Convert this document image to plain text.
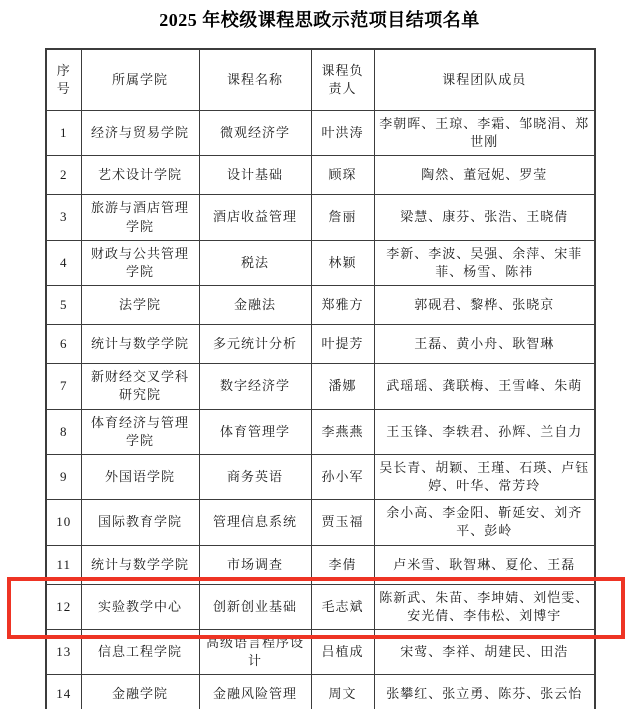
2025 年校级课程思政示范项目结项名单
序号	所属学院	课程名称	课程负责人	课程团队成员
1	经济与贸易学院	微观经济学	叶洪涛	李朝晖、王琼、李霜、邹晓涓、郑世刚
2	艺术设计学院	设计基础	顾琛	陶然、董冠妮、罗莹
3	旅游与酒店管理学院	酒店收益管理	詹丽	梁慧、康芬、张浩、王晓倩
4	财政与公共管理学院	税法	林颖	李新、李波、吴强、余萍、宋菲菲、杨雪、陈祎
5	法学院	金融法	郑雅方	郭砚君、黎桦、张晓京
6	统计与数学学院	多元统计分析	叶提芳	王磊、黄小舟、耿智琳
7	新财经交叉学科研究院	数字经济学	潘娜	武瑶瑶、龚联梅、王雪峰、朱萌
8	体育经济与管理学院	体育管理学	李燕燕	王玉锋、李轶君、孙辉、兰自力
9	外国语学院	商务英语	孙小军	吴长青、胡颖、王瑾、石瑛、卢钰婷、叶华、常芳玲
10	国际教育学院	管理信息系统	贾玉福	余小高、李金阳、靳延安、刘齐平、彭岭
11	统计与数学学院	市场调查	李倩	卢米雪、耿智琳、夏伦、王磊
12	实验教学中心	创新创业基础	毛志斌	陈新武、朱苗、李坤婧、刘恺雯、安光倩、李伟松、刘博宇
13	信息工程学院	高级语言程序设计	吕植成	宋莺、李祥、胡建民、田浩
14	金融学院	金融风险管理	周文	张攀红、张立勇、陈芬、张云怡
